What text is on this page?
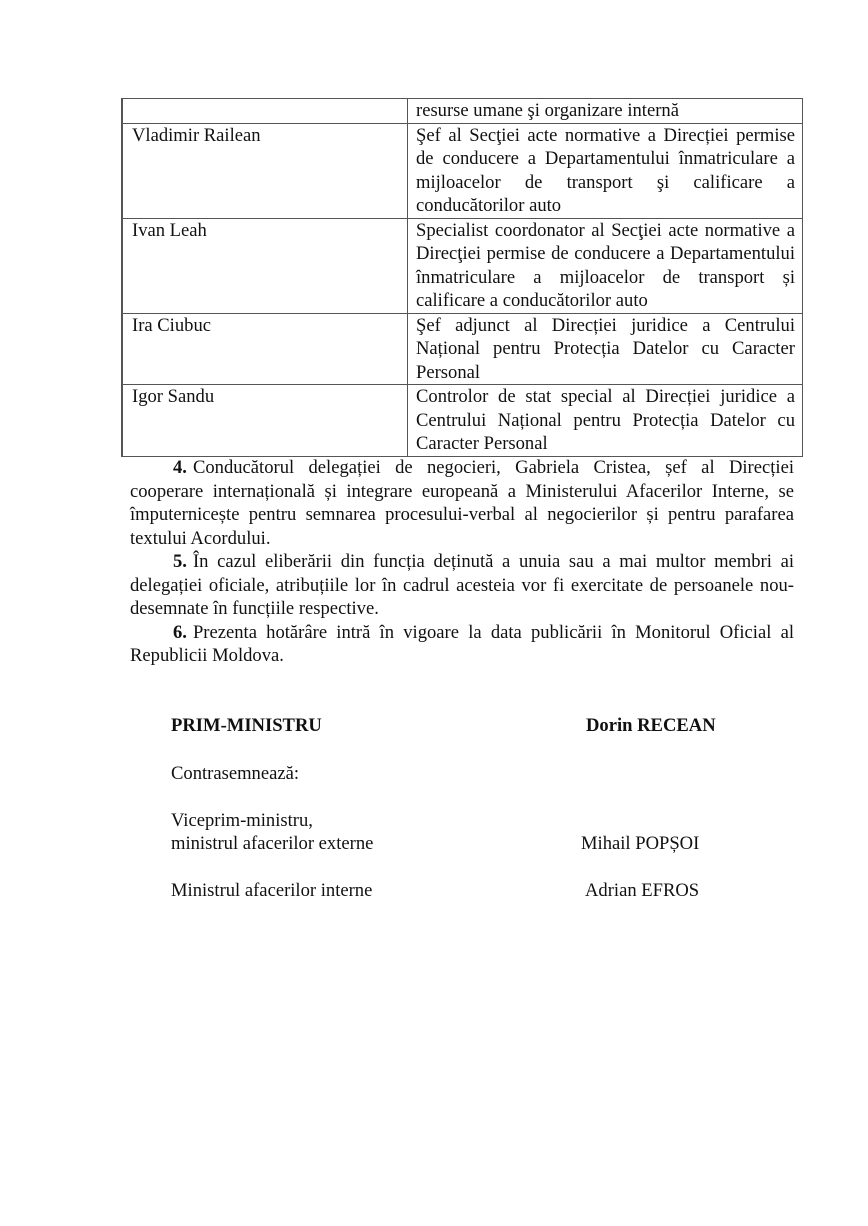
	resurse umane şi organizare internă
Vladimir Railean	Şef al Secţiei acte normative a Direcției permise de conducere a Departamentului înmatriculare a mijloacelor de transport şi calificare a conducătorilor auto
Ivan Leah	Specialist coordonator al Secţiei acte normative a Direcţiei permise de conducere a Departamentului înmatriculare a mijloacelor de transport și calificare a conducătorilor auto
Ira Ciubuc	Şef adjunct al Direcției juridice a Centrului Național pentru Protecția Datelor cu Caracter Personal
Igor Sandu	Controlor de stat special al Direcției juridice a Centrului Național pentru Protecția Datelor cu Caracter Personal

4. Conducătorul delegației de negocieri, Gabriela Cristea, șef al Direcției cooperare internațională și integrare europeană a Ministerului Afacerilor Interne, se împuternicește pentru semnarea procesului-verbal al negocierilor și pentru parafarea textului Acordului.

5. În cazul eliberării din funcția deținută a unuia sau a mai multor membri ai delegației oficiale, atribuțiile lor în cadrul acesteia vor fi exercitate de persoanele nou-desemnate în funcțiile respective.

6. Prezenta hotărâre intră în vigoare la data publicării în Monitorul Oficial al Republicii Moldova.

PRIM-MINISTRU	Dorin RECEAN
Contrasemnează:
Viceprim-ministru,
ministrul afacerilor externe	Mihail POPȘOI
Ministrul afacerilor interne	Adrian EFROS
